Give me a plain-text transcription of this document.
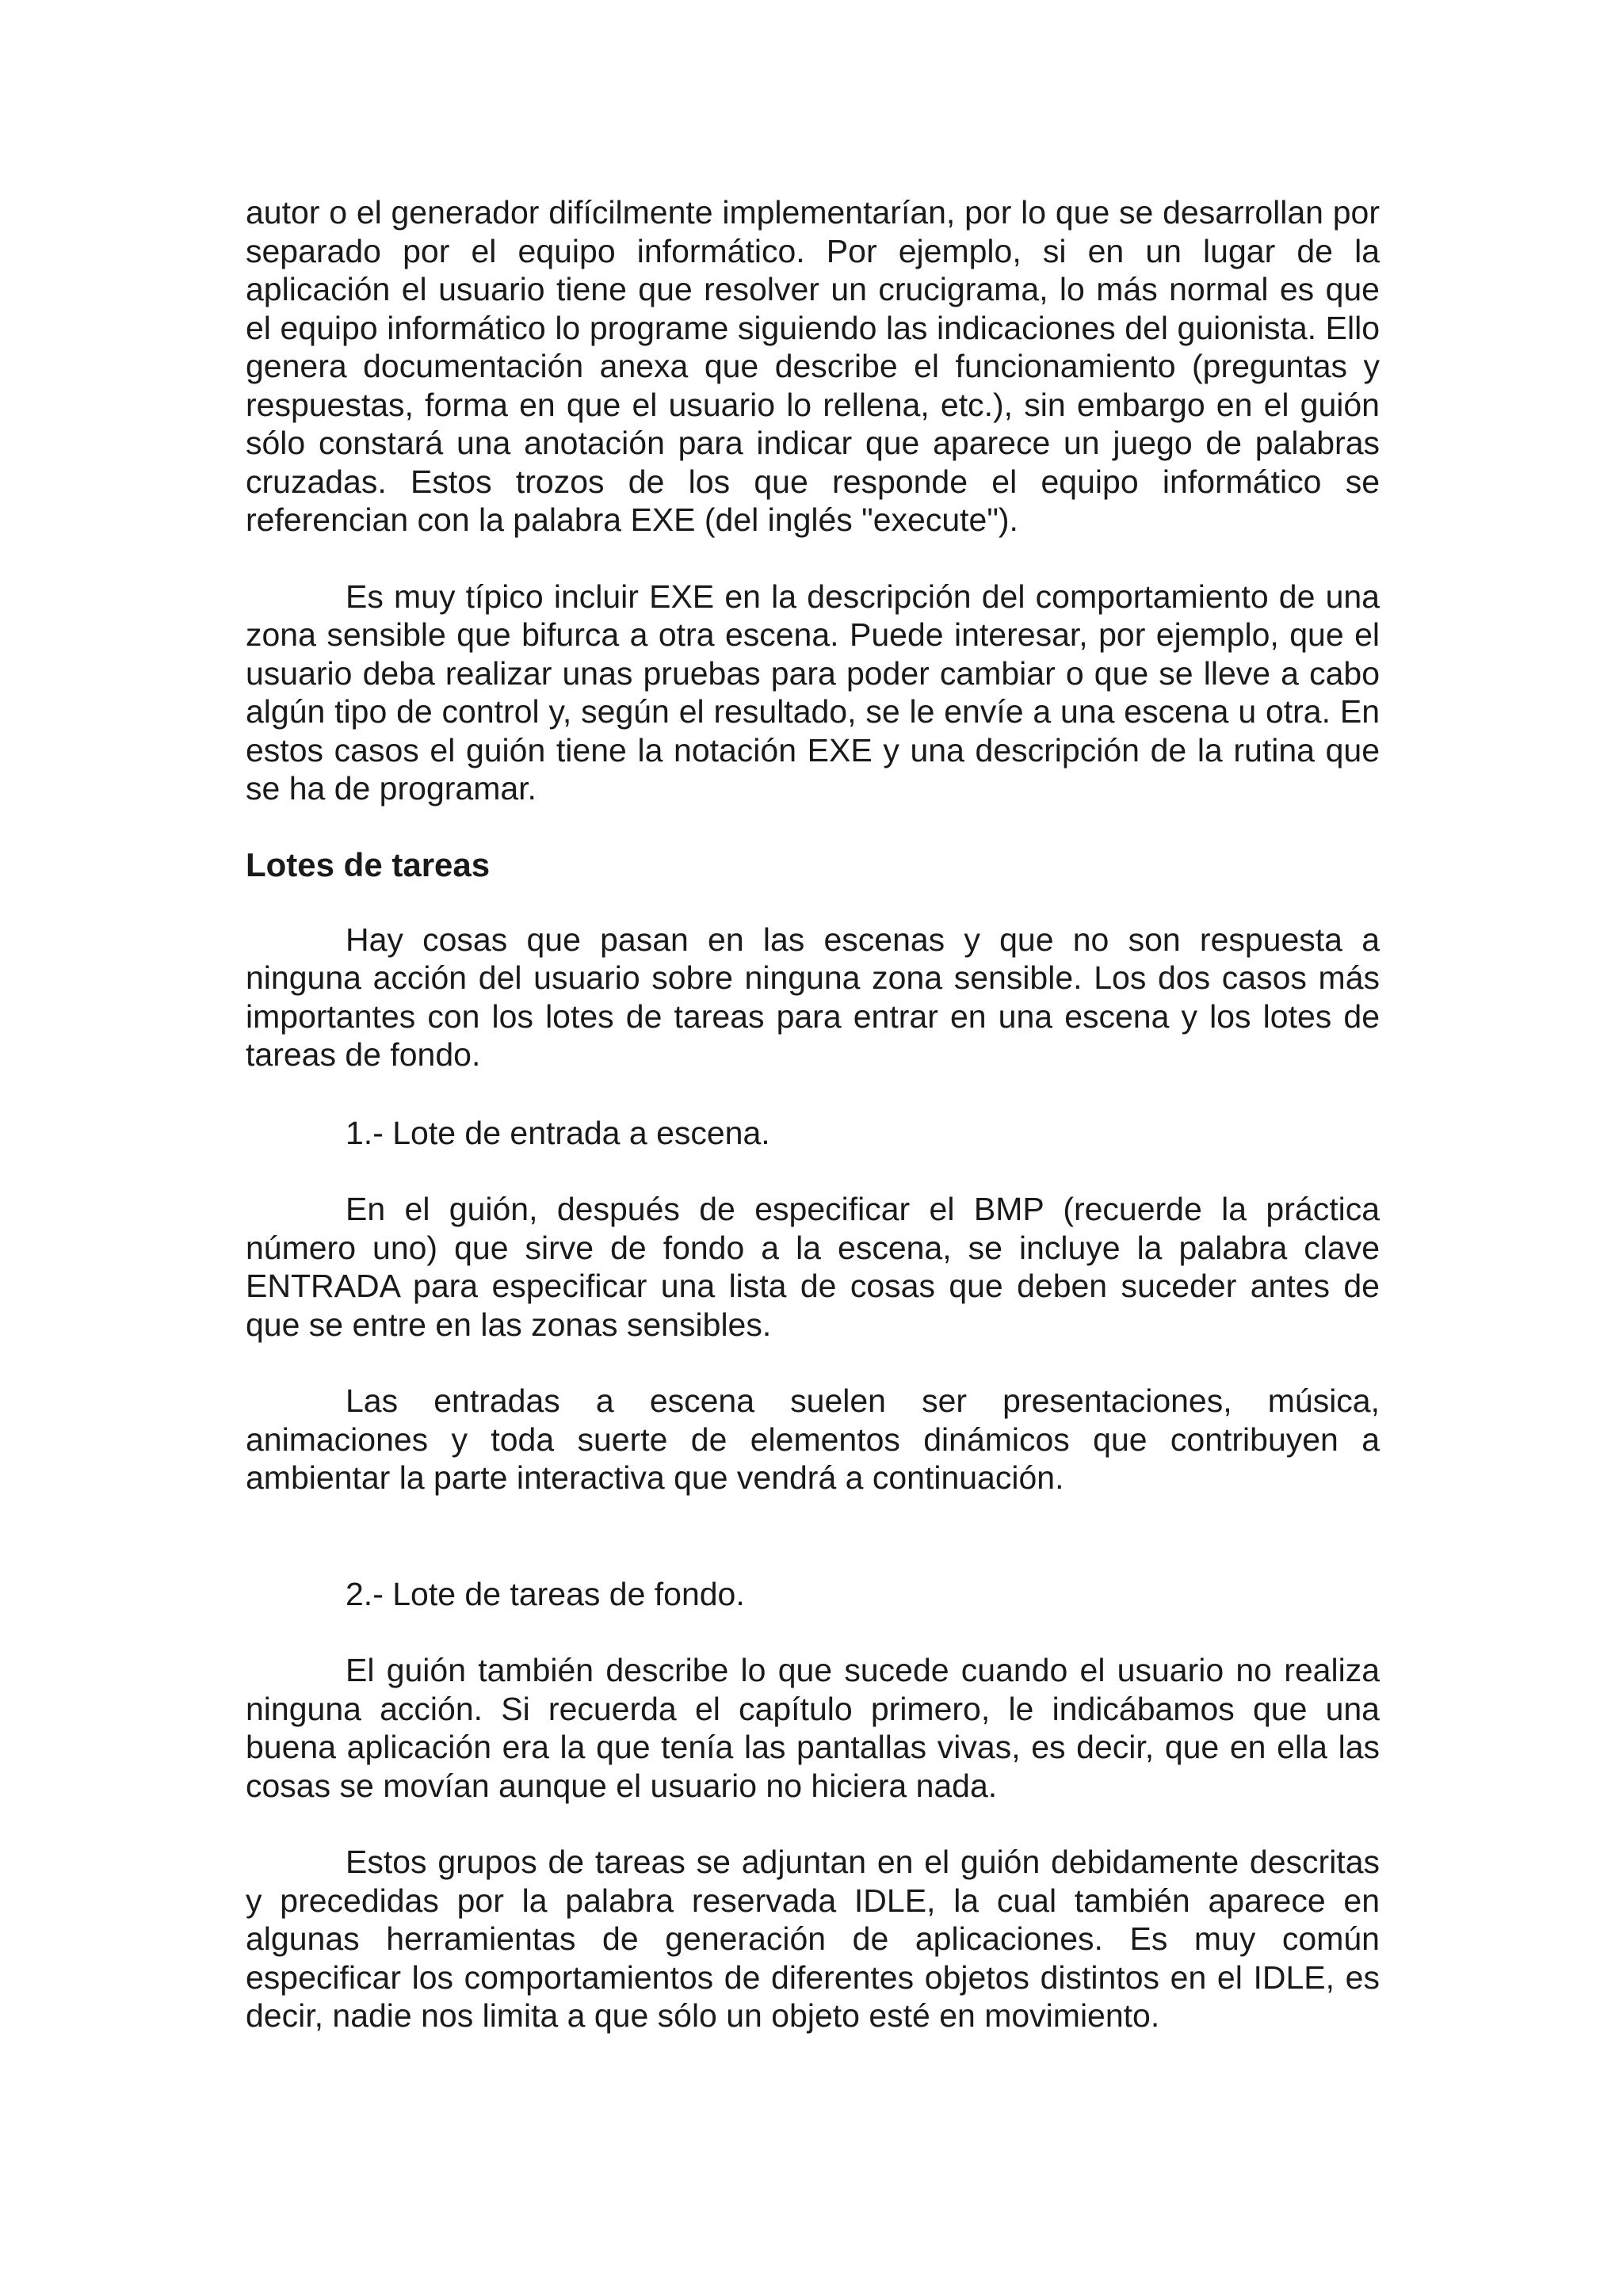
autor o el generador difícilmente implementarían, por lo que se desarrollan por separado por el equipo informático. Por ejemplo, si en un lugar de la aplicación el usuario tiene que resolver un crucigrama, lo más normal es que el equipo informático lo programe siguiendo las indicaciones del guionista. Ello genera documentación anexa que describe el funcionamiento (preguntas y respuestas, forma en que el usuario lo rellena, etc.), sin embargo en el guión sólo constará una anotación para indicar que aparece un juego de palabras cruzadas. Estos trozos de los que responde el equipo informático se referencian con la palabra EXE (del inglés "execute").

Es muy típico incluir EXE en la descripción del comportamiento de una zona sensible que bifurca a otra escena. Puede interesar, por ejemplo, que el usuario deba realizar unas pruebas para poder cambiar o que se lleve a cabo algún tipo de control y, según el resultado, se le envíe a una escena u otra. En estos casos el guión tiene la notación EXE y una descripción de la rutina que se ha de programar.

Lotes de tareas

Hay cosas que pasan en las escenas y que no son respuesta a ninguna acción del usuario sobre ninguna zona sensible. Los dos casos más importantes con los lotes de tareas para entrar en una escena y los lotes de tareas de fondo.

1.- Lote de entrada a escena.

En el guión, después de especificar el BMP (recuerde la práctica número uno) que sirve de fondo a la escena, se incluye la palabra clave ENTRADA para especificar una lista de cosas que deben suceder antes de que se entre en las zonas sensibles.

Las entradas a escena suelen ser presentaciones, música, animaciones y toda suerte de elementos dinámicos que contribuyen a ambientar la parte interactiva que vendrá a continuación.

2.- Lote de tareas de fondo.

El guión también describe lo que sucede cuando el usuario no realiza ninguna acción. Si recuerda el capítulo primero, le indicábamos que una buena aplicación era la que tenía las pantallas vivas, es decir, que en ella las cosas se movían aunque el usuario no hiciera nada.

Estos grupos de tareas se adjuntan en el guión debidamente descritas y precedidas por la palabra reservada IDLE, la cual también aparece en algunas herramientas de generación de aplicaciones. Es muy común especificar los comportamientos de diferentes objetos distintos en el IDLE, es decir, nadie nos limita a que sólo un objeto esté en movimiento.
